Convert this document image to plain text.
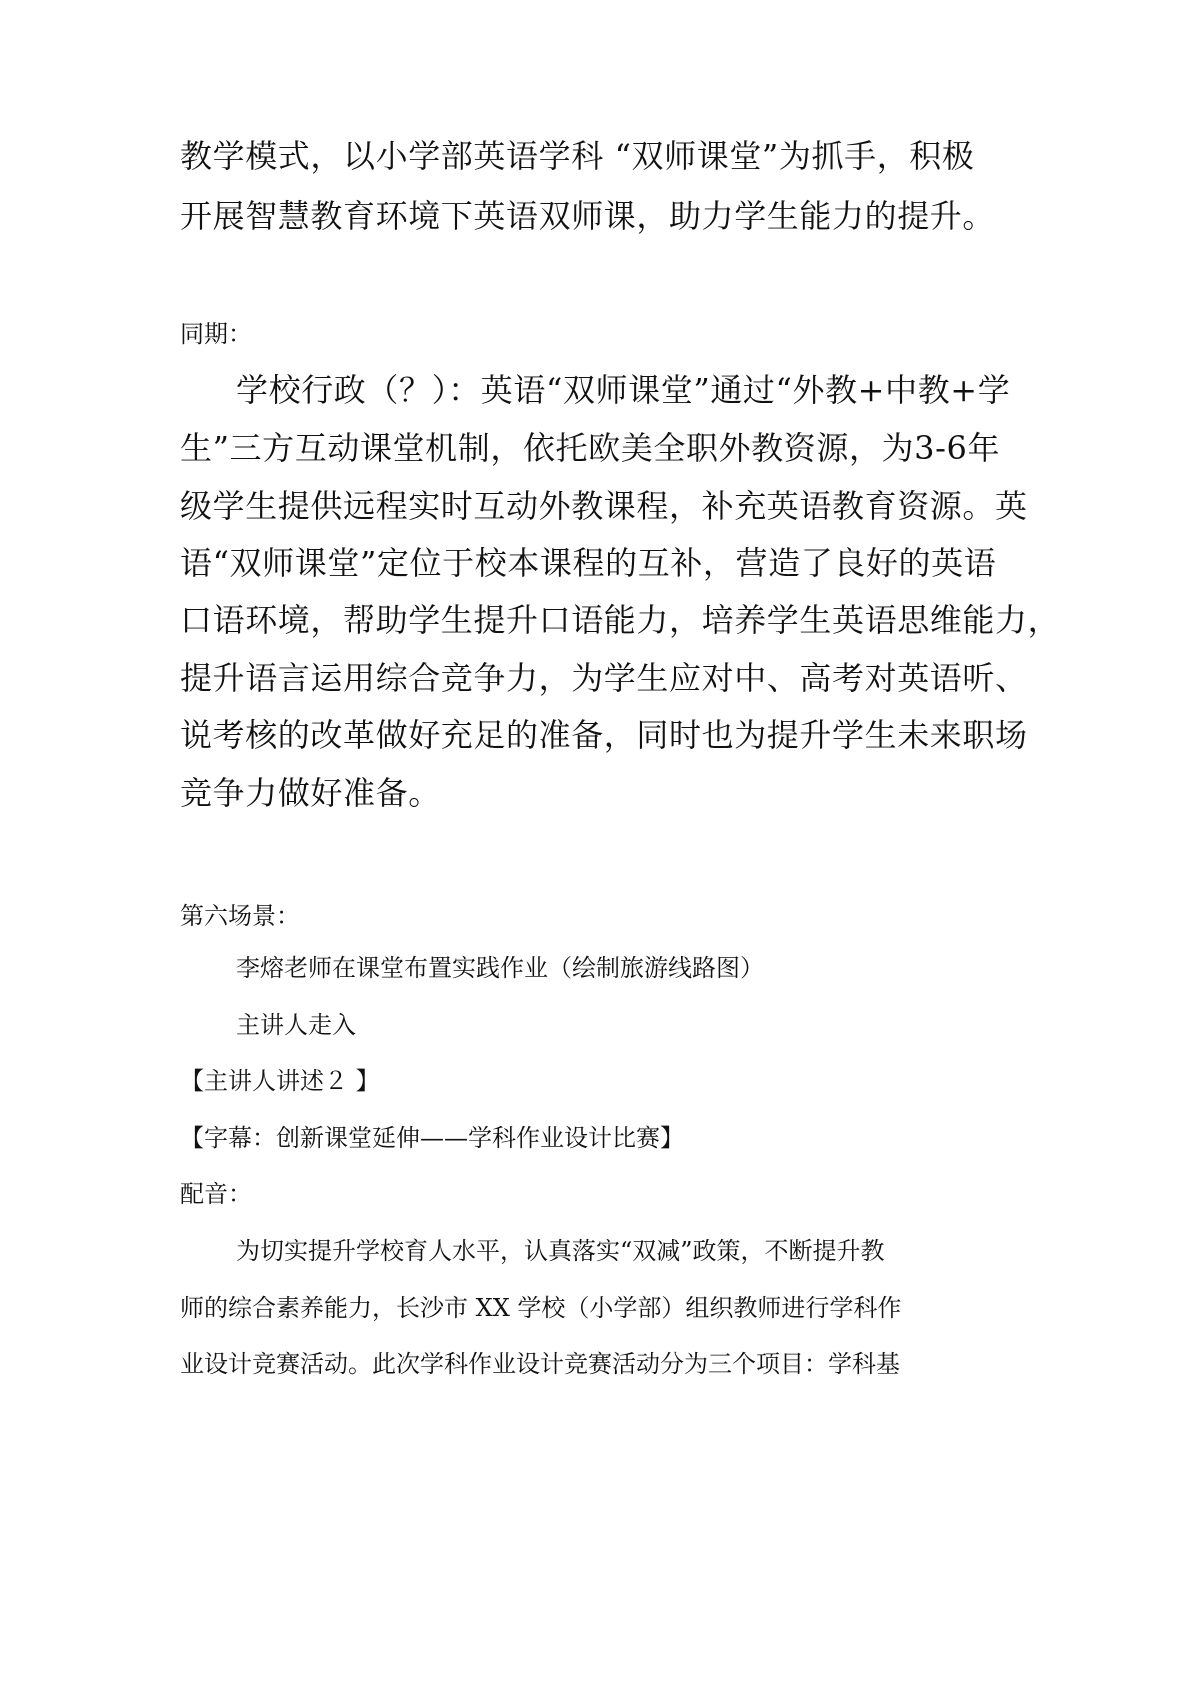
教学模式，以小学部英语学科 “双师课堂”为抓手，积极
开展智慧教育环境下英语双师课，助力学生能力的提升。
同期：
学校行政（？）：英语“双师课堂”通过“外教+中教+学
生”三方互动课堂机制，依托欧美全职外教资源，为3-6年
级学生提供远程实时互动外教课程，补充英语教育资源。英
语“双师课堂”定位于校本课程的互补，营造了良好的英语
口语环境，帮助学生提升口语能力，培养学生英语思维能力，
提升语言运用综合竞争力，为学生应对中、高考对英语听、
说考核的改革做好充足的准备，同时也为提升学生未来职场
竞争力做好准备。
第六场景：
李熔老师在课堂布置实践作业（绘制旅游线路图）
主讲人走入
【主讲人讲述２ 】
【字幕：创新课堂延伸——学科作业设计比赛】
配音：
为切实提升学校育人水平，认真落实“双减”政策，不断提升教
师的综合素养能力，长沙市 XX 学校（小学部）组织教师进行学科作
业设计竞赛活动。此次学科作业设计竞赛活动分为三个项目：学科基
